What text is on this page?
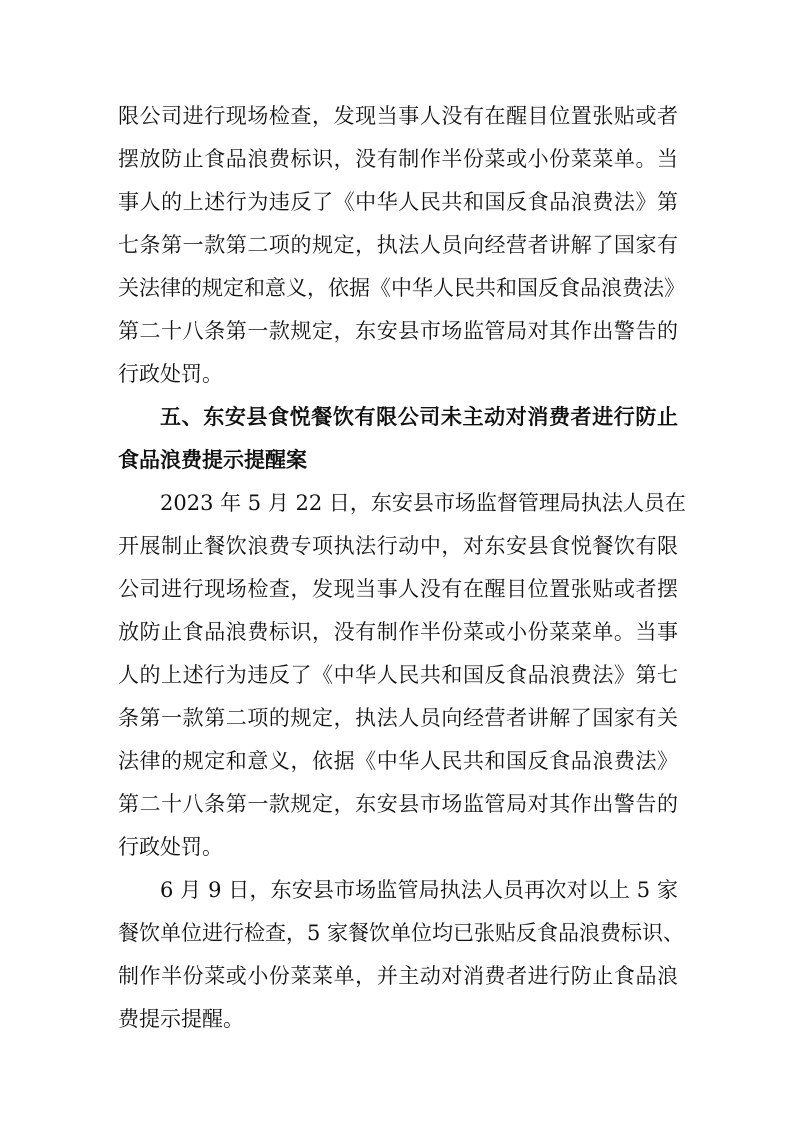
限公司进行现场检查，发现当事人没有在醒目位置张贴或者
摆放防止食品浪费标识，没有制作半份菜或小份菜菜单。当
事人的上述行为违反了《中华人民共和国反食品浪费法》第
七条第一款第二项的规定，执法人员向经营者讲解了国家有
关法律的规定和意义，依据《中华人民共和国反食品浪费法》
第二十八条第一款规定，东安县市场监管局对其作出警告的
行政处罚。
五、东安县食悦餐饮有限公司未主动对消费者进行防止
食品浪费提示提醒案
2023 年 5 月 22 日，东安县市场监督管理局执法人员在
开展制止餐饮浪费专项执法行动中，对东安县食悦餐饮有限
公司进行现场检查，发现当事人没有在醒目位置张贴或者摆
放防止食品浪费标识，没有制作半份菜或小份菜菜单。当事
人的上述行为违反了《中华人民共和国反食品浪费法》第七
条第一款第二项的规定，执法人员向经营者讲解了国家有关
法律的规定和意义，依据《中华人民共和国反食品浪费法》
第二十八条第一款规定，东安县市场监管局对其作出警告的
行政处罚。
6 月 9 日，东安县市场监管局执法人员再次对以上 5 家
餐饮单位进行检查，5 家餐饮单位均已张贴反食品浪费标识、
制作半份菜或小份菜菜单，并主动对消费者进行防止食品浪
费提示提醒。
